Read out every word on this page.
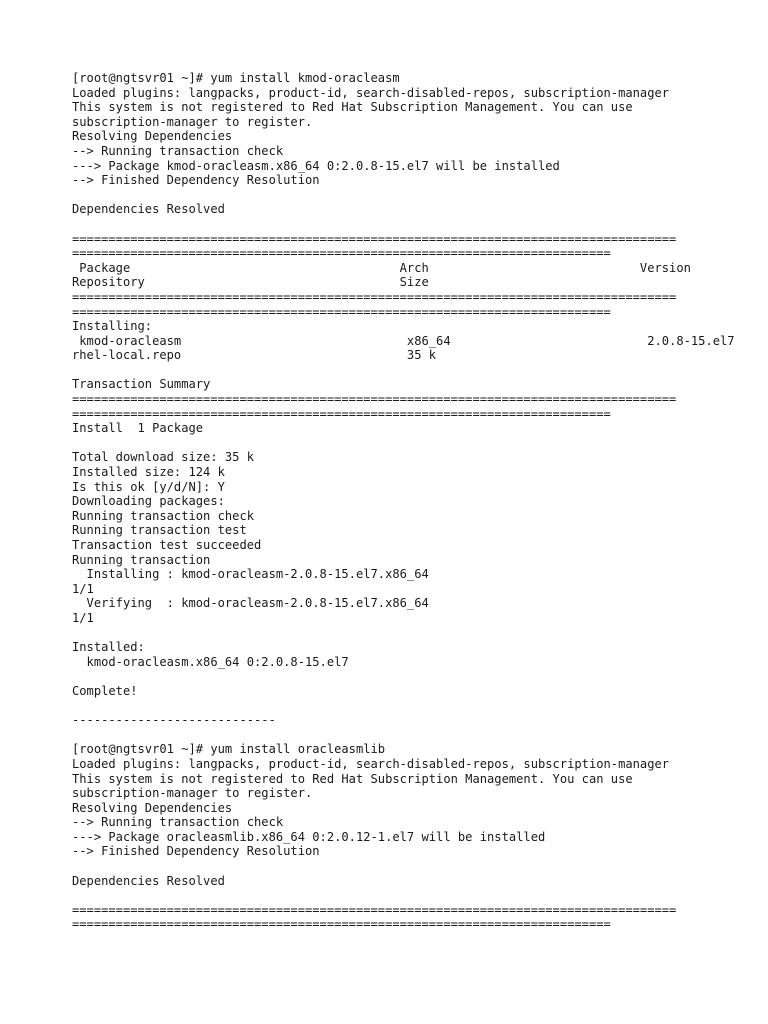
[root@ngtsvr01 ~]# yum install kmod-oracleasm
Loaded plugins: langpacks, product-id, search-disabled-repos, subscription-manager
This system is not registered to Red Hat Subscription Management. You can use
subscription-manager to register.
Resolving Dependencies
--> Running transaction check
---> Package kmod-oracleasm.x86_64 0:2.0.8-15.el7 will be installed
--> Finished Dependency Resolution
Dependencies Resolved
===================================================================================
==========================================================================
Package                                     Arch                             Version
Repository                                   Size
===================================================================================
==========================================================================
Installing:
kmod-oracleasm                               x86_64                           2.0.8-15.el7
rhel-local.repo                               35 k
Transaction Summary
===================================================================================
==========================================================================
Install  1 Package
Total download size: 35 k
Installed size: 124 k
Is this ok [y/d/N]: Y
Downloading packages:
Running transaction check
Running transaction test
Transaction test succeeded
Running transaction
Installing : kmod-oracleasm-2.0.8-15.el7.x86_64
1/1
Verifying  : kmod-oracleasm-2.0.8-15.el7.x86_64
1/1
Installed:
kmod-oracleasm.x86_64 0:2.0.8-15.el7
Complete!
----------------------------
[root@ngtsvr01 ~]# yum install oracleasmlib
Loaded plugins: langpacks, product-id, search-disabled-repos, subscription-manager
This system is not registered to Red Hat Subscription Management. You can use
subscription-manager to register.
Resolving Dependencies
--> Running transaction check
---> Package oracleasmlib.x86_64 0:2.0.12-1.el7 will be installed
--> Finished Dependency Resolution
Dependencies Resolved
===================================================================================
==========================================================================
